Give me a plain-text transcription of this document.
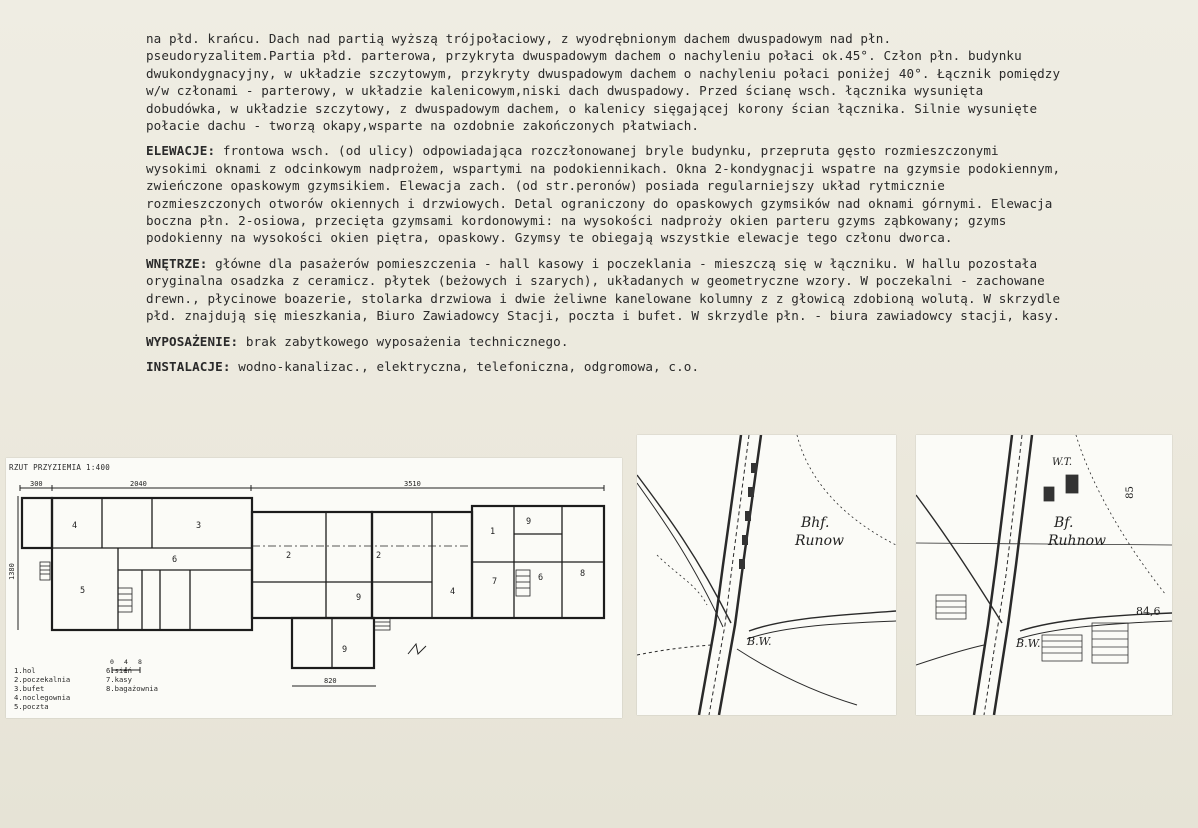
na płd. krańcu. Dach nad partią wyższą trójpołaciowy, z wyodrębnionym dachem dwuspadowym nad płn. pseudoryzalitem.Partia płd. parterowa, przykryta dwuspadowym dachem o nachyleniu połaci ok.45°. Człon płn. budynku dwukondygnacyjny, w układzie szczytowym, przykryty dwuspadowym dachem o nachyleniu połaci poniżej 40°. Łącznik pomiędzy w/w członami - parterowy, w układzie kalenicowym,niski dach dwuspadowy. Przed ścianę wsch. łącznika wysunięta dobudówka, w układzie szczytowy, z dwuspadowym dachem, o kalenicy sięgającej korony ścian łącznika. Silnie wysunięte połacie dachu - tworzą okapy,wsparte na ozdobnie zakończonych płatwiach.

ELEWACJE: frontowa wsch. (od ulicy) odpowiadająca rozczłonowanej bryle budynku, przepruta gęsto rozmieszczonymi wysokimi oknami z odcinkowym nadprożem, wspartymi na podokiennikach. Okna 2-kondygnacji wspatre na gzymsie podokiennym, zwieńczone opaskowym gzymsikiem. Elewacja zach. (od str.peronów) posiada regularniejszy układ rytmicznie rozmieszczonych otworów okiennych i drzwiowych. Detal ograniczony do opaskowych gzymsików nad oknami górnymi. Elewacja boczna płn. 2-osiowa, przecięta gzymsami kordonowymi: na wysokości nadproży okien parteru gzyms ząbkowany; gzyms podokienny na wysokości okien piętra, opaskowy. Gzymsy te obiegają wszystkie elewacje tego członu dworca.

WNĘTRZE: główne dla pasażerów pomieszczenia - hall kasowy i poczeklania - mieszczą się w łączniku. W hallu pozostała oryginalna osadzka z ceramicz. płytek (beżowych i szarych), układanych w geometryczne wzory. W poczekalni - zachowane drewn., płycinowe boazerie, stolarka drzwiowa i dwie żeliwne kanelowane kolumny z z głowicą zdobioną wolutą. W skrzydle płd. znajdują się mieszkania, Biuro Zawiadowcy Stacji, poczta i bufet. W skrzydle płn. - biura zawiadowcy stacji, kasy.

WYPOSAŻENIE: brak zabytkowego wyposażenia technicznego.

INSTALACJE: wodno-kanalizac., elektryczna, telefoniczna, odgromowa, c.o.

RZUT PRZYZIEMIA 1:400
300	2040	3510
1380
820
4	3
6
5
2	2
1
9
7	6	8
9
4
9
0 4 8
1.hol
2.poczekalnia
3.bufet
4.noclegownia
5.poczta
6.sień
7.kasy
8.bagażownia
Bhf.
Runow
B.W.
W.T.
Bf.
Ruhnow
B.W.
85
84,6
